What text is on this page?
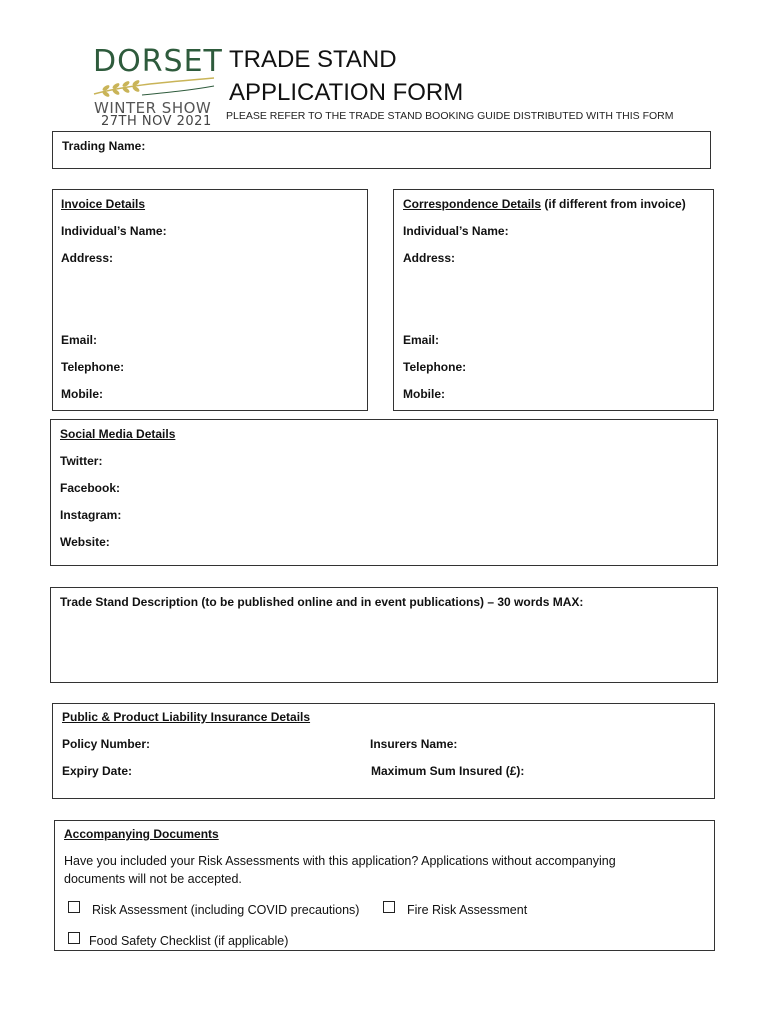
DORSET
WINTER SHOW
27TH NOV 2021
TRADE STAND
APPLICATION FORM
PLEASE REFER TO THE TRADE STAND BOOKING GUIDE DISTRIBUTED WITH THIS FORM
Trading Name:
Invoice Details
Individual’s Name:
Address:
Email:
Telephone:
Mobile:
Correspondence Details (if different from invoice)
Individual’s Name:
Address:
Email:
Telephone:
Mobile:
Social Media Details
Twitter:
Facebook:
Instagram:
Website:
Trade Stand Description (to be published online and in event publications) – 30 words MAX:
Public & Product Liability Insurance Details
Policy Number:	Insurers Name:
Expiry Date:	Maximum Sum Insured (£):
Accompanying Documents
Have you included your Risk Assessments with this application? Applications without accompanying
documents will not be accepted.
Risk Assessment (including COVID precautions)	Fire Risk Assessment
Food Safety Checklist (if applicable)
